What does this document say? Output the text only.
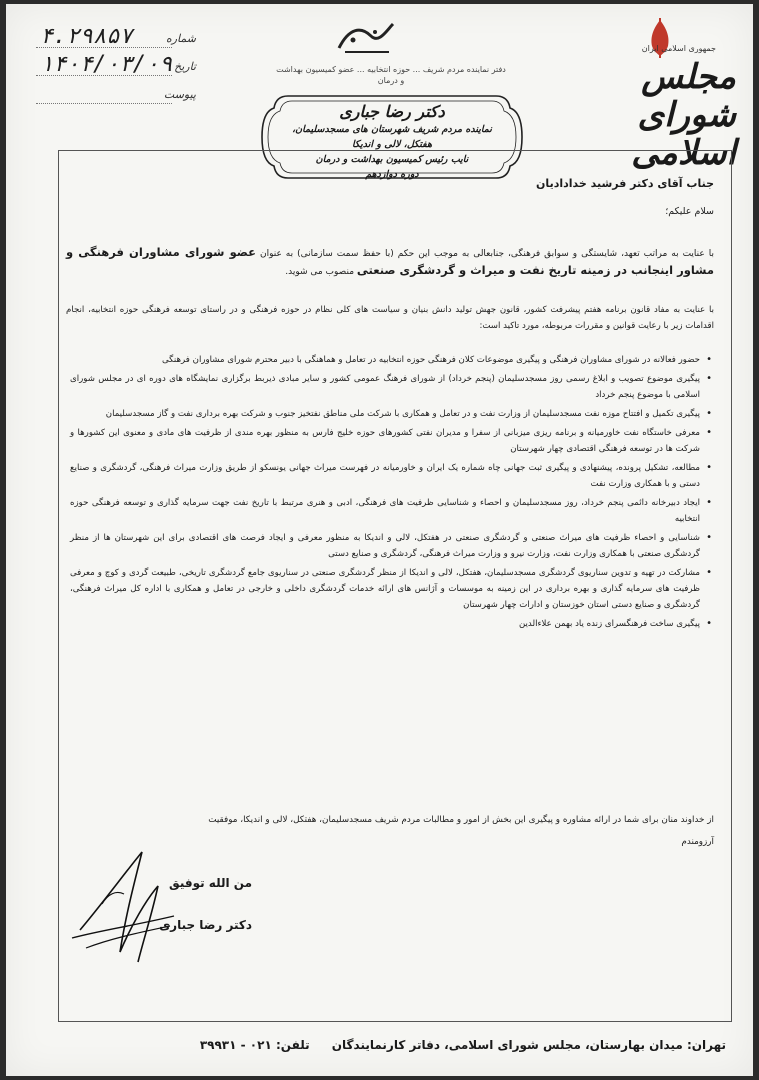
۴.۲۹۸۵۷	شماره
۱۴۰۴/۰۳/۰۹ تاریخ
پیوست
دفتر نماینده مردم شریف ... حوزه انتخابیه ... عضو کمیسیون بهداشت و درمان
جمهوری اسلامی ایران
مجلس شورای اسلامی
دکتر رضا جباری
نماینده مردم شریف شهرستان های مسجدسلیمان، هفتکل، لالی و اندیکا
نایب رئیس کمیسیون بهداشت و درمان
دوره دوازدهم
جناب آقای دکتر فرشید خدادادیان
سلام علیکم؛
با عنایت به مراتب تعهد، شایستگی و سوابق فرهنگی، جنابعالی به موجب این حکم (با حفظ سمت سازمانی) به عنوان عضو شورای مشاوران فرهنگی و مشاور اینجانب در زمینه تاریخ نفت و میراث و گردشگری صنعتی منصوب می شوید.
با عنایت به مفاد قانون برنامه هفتم پیشرفت کشور، قانون جهش تولید دانش بنیان و سیاست های کلی نظام در حوزه فرهنگی و در راستای توسعه فرهنگی حوزه انتخابیه، انجام اقدامات زیر با رعایت قوانین و مقررات مربوطه، مورد تاکید است:
• حضور فعالانه در شورای مشاوران فرهنگی و پیگیری موضوعات کلان فرهنگی حوزه انتخابیه در تعامل و هماهنگی با دبیر محترم شورای مشاوران فرهنگی
• پیگیری موضوع تصویب و ابلاغ رسمی روز مسجدسلیمان (پنجم خرداد) از شورای فرهنگ عمومی کشور و سایر مبادی ذیربط برگزاری نمایشگاه های دوره ای در مجلس شورای اسلامی با موضوع پنجم خرداد
• پیگیری تکمیل و افتتاح موزه نفت مسجدسلیمان از وزارت نفت و در تعامل و همکاری با شرکت ملی مناطق نفتخیز جنوب و شرکت بهره برداری نفت و گاز مسجدسلیمان
• معرفی خاستگاه نفت خاورمیانه و برنامه ریزی میزبانی از سفرا و مدیران نفتی کشورهای حوزه خلیج فارس به منظور بهره مندی از ظرفیت های مادی و معنوی این کشورها و شرکت ها در توسعه فرهنگی اقتصادی چهار شهرستان
• مطالعه، تشکیل پرونده، پیشنهادی و پیگیری ثبت جهانی چاه شماره یک ایران و خاورمیانه در فهرست میراث جهانی یونسکو از طریق وزارت میراث فرهنگی، گردشگری و صنایع دستی و با همکاری وزارت نفت
• ایجاد دبیرخانه دائمی پنجم خرداد، روز مسجدسلیمان و احصاء و شناسایی ظرفیت های فرهنگی، ادبی و هنری مرتبط با تاریخ نفت جهت سرمایه گذاری و توسعه فرهنگی حوزه انتخابیه
• شناسایی و احصاء ظرفیت های میراث صنعتی و گردشگری صنعتی در هفتکل، لالی و اندیکا به منظور معرفی و ایجاد فرصت های اقتصادی برای این شهرستان ها از منظر گردشگری صنعتی با همکاری وزارت نفت، وزارت نیرو و وزارت میراث فرهنگی، گردشگری و صنایع دستی
• مشارکت در تهیه و تدوین سناریوی گردشگری مسجدسلیمان، هفتکل، لالی و اندیکا از منظر گردشگری صنعتی در سناریوی جامع گردشگری تاریخی، طبیعت گردی و کوچ و معرفی ظرفیت های سرمایه گذاری و بهره برداری در این زمینه به موسسات و آژانس های ارائه خدمات گردشگری داخلی و خارجی در تعامل و همکاری با اداره کل میراث فرهنگی، گردشگری و صنایع دستی استان خوزستان و ادارات چهار شهرستان
• پیگیری ساخت فرهنگسرای زنده یاد بهمن علاءالدین
از خداوند منان برای شما در ارائه مشاوره و پیگیری این بخش از امور و مطالبات مردم شریف مسجدسلیمان، هفتکل، لالی و اندیکا، موفقیت
آرزومندم
من الله توفیق
دکتر رضا جباری
تهران: میدان بهارستان، مجلس شورای اسلامی، دفاتر کارنمایندگان تلفن: ۰۲۱ - ۳۹۹۳۱
